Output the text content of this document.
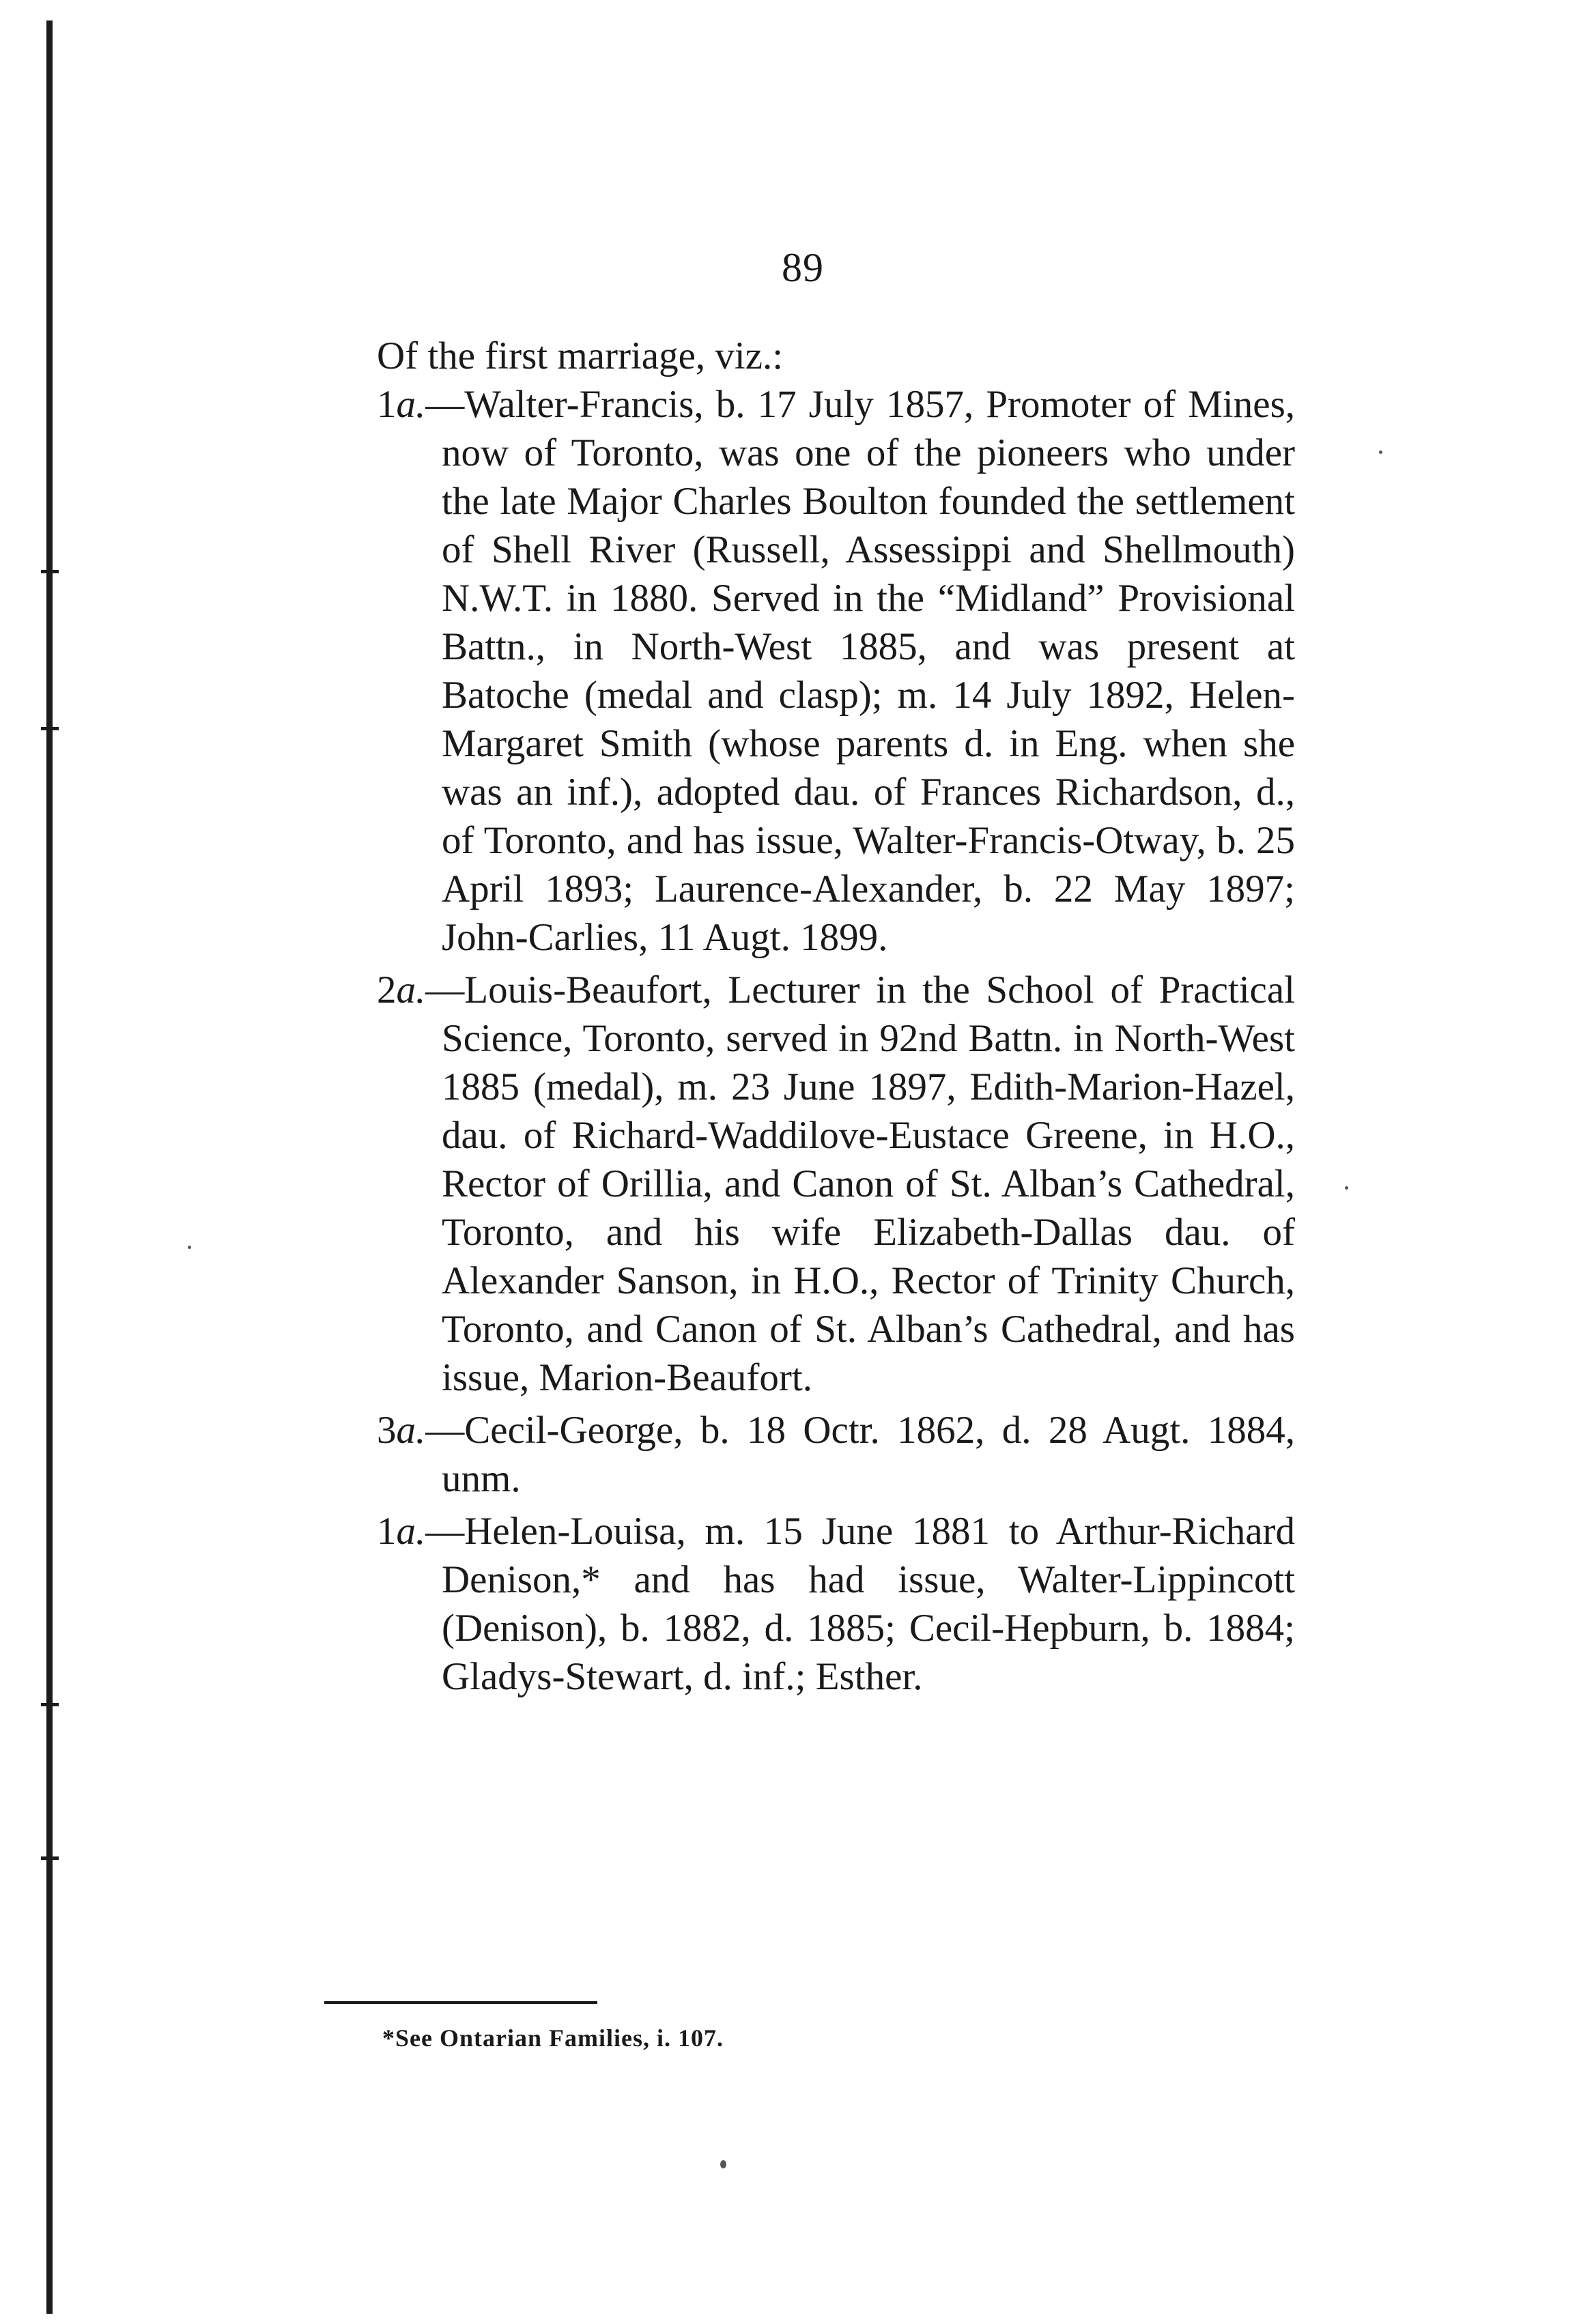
89

Of the first marriage, viz.:

1a.—Walter-Francis, b. 17 July 1857, Promoter of Mines, now of Toronto, was one of the pioneers who under the late Major Charles Boulton founded the settlement of Shell River (Russell, Assessippi and Shellmouth) N.W.T. in 1880. Served in the “Midland” Provisional Battn., in North-West 1885, and was present at Batoche (medal and clasp); m. 14 July 1892, Helen-Margaret Smith (whose parents d. in Eng. when she was an inf.), adopted dau. of Frances Richardson, d., of Toronto, and has issue, Walter-Francis-Otway, b. 25 April 1893; Laurence-Alexander, b. 22 May 1897; John-Carlies, 11 Augt. 1899.

2a.—Louis-Beaufort, Lecturer in the School of Practical Science, Toronto, served in 92nd Battn. in North-West 1885 (medal), m. 23 June 1897, Edith-Marion-Hazel, dau. of Richard-Waddilove-Eustace Greene, in H.O., Rector of Orillia, and Canon of St. Alban’s Cathedral, Toronto, and his wife Elizabeth-Dallas dau. of Alexander Sanson, in H.O., Rector of Trinity Church, Toronto, and Canon of St. Alban’s Cathedral, and has issue, Marion-Beaufort.

3a.—Cecil-George, b. 18 Octr. 1862, d. 28 Augt. 1884, unm.

1a.—Helen-Louisa, m. 15 June 1881 to Arthur-Richard Denison,* and has had issue, Walter-Lippincott (Denison), b. 1882, d. 1885; Cecil-Hepburn, b. 1884; Gladys-Stewart, d. inf.; Esther.

*See Ontarian Families, i. 107.
